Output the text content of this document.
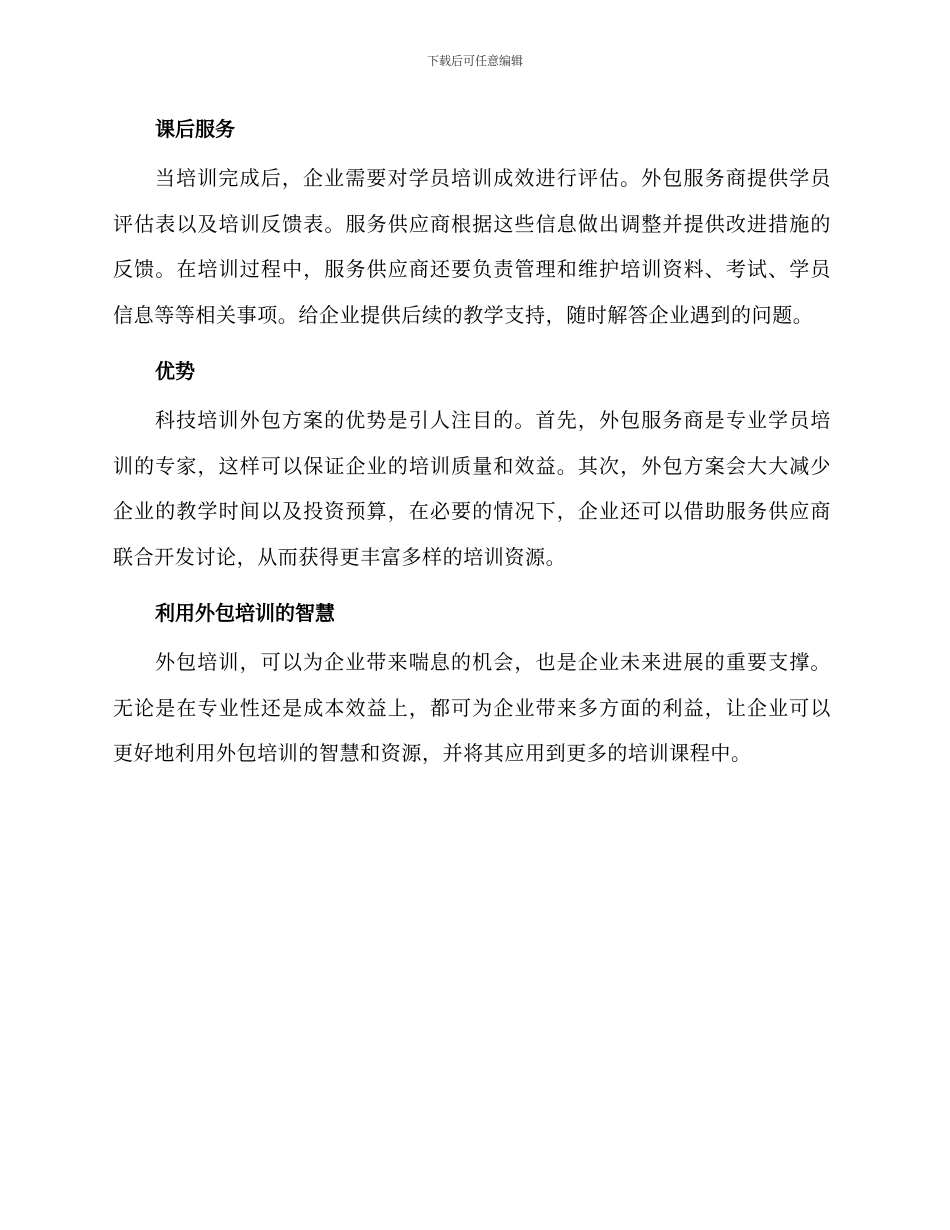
下载后可任意编辑
课后服务

当培训完成后，企业需要对学员培训成效进行评估。外包服务商提供学员评估表以及培训反馈表。服务供应商根据这些信息做出调整并提供改进措施的反馈。在培训过程中，服务供应商还要负责管理和维护培训资料、考试、学员信息等等相关事项。给企业提供后续的教学支持，随时解答企业遇到的问题。

优势

科技培训外包方案的优势是引人注目的。首先，外包服务商是专业学员培训的专家，这样可以保证企业的培训质量和效益。其次，外包方案会大大减少企业的教学时间以及投资预算，在必要的情况下，企业还可以借助服务供应商联合开发讨论，从而获得更丰富多样的培训资源。

利用外包培训的智慧

外包培训，可以为企业带来喘息的机会，也是企业未来进展的重要支撑。无论是在专业性还是成本效益上，都可为企业带来多方面的利益，让企业可以更好地利用外包培训的智慧和资源，并将其应用到更多的培训课程中。
